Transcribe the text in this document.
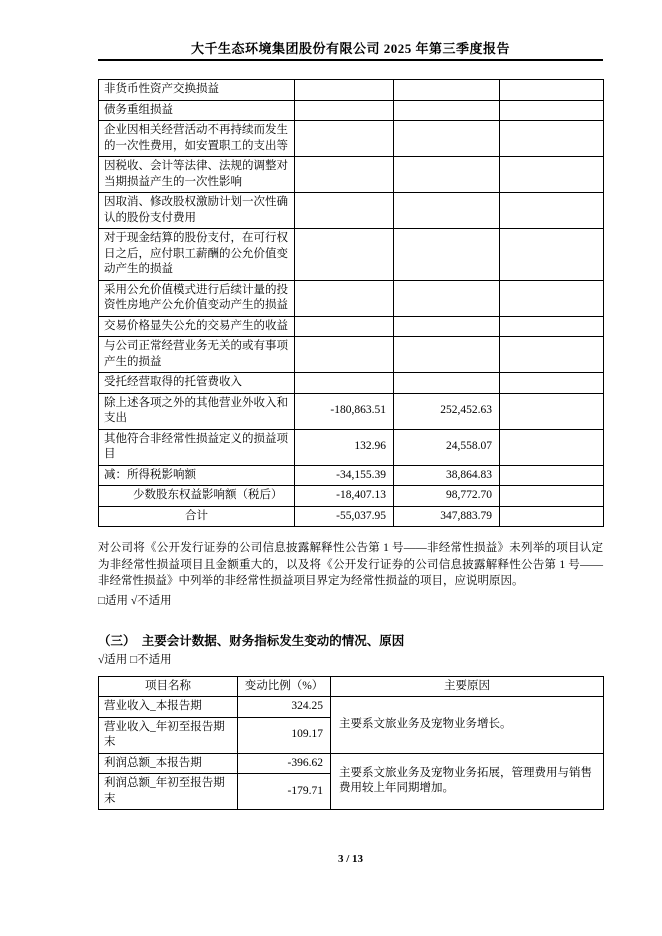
大千生态环境集团股份有限公司 2025 年第三季度报告
非货币性资产交换损益			
债务重组损益			
企业因相关经营活动不再持续而发生的一次性费用，如安置职工的支出等			
因税收、会计等法律、法规的调整对当期损益产生的一次性影响			
因取消、修改股权激励计划一次性确认的股份支付费用			
对于现金结算的股份支付，在可行权日之后，应付职工薪酬的公允价值变动产生的损益			
采用公允价值模式进行后续计量的投资性房地产公允价值变动产生的损益			
交易价格显失公允的交易产生的收益			
与公司正常经营业务无关的或有事项产生的损益			
受托经营取得的托管费收入			
除上述各项之外的其他营业外收入和支出	-180,863.51	252,452.63	
其他符合非经常性损益定义的损益项目	132.96	24,558.07	
减：所得税影响额	-34,155.39	38,864.83	
少数股东权益影响额（税后）	-18,407.13	98,772.70	
合计	-55,037.95	347,883.79	

对公司将《公开发行证券的公司信息披露解释性公告第 1 号——非经常性损益》未列举的项目认定为非经常性损益项目且金额重大的，以及将《公开发行证券的公司信息披露解释性公告第 1 号——非经常性损益》中列举的非经常性损益项目界定为经常性损益的项目，应说明原因。

□适用 √不适用

（三）　主要会计数据、财务指标发生变动的情况、原因

√适用 □不适用

项目名称	变动比例（%）	主要原因
营业收入_本报告期	324.25	主要系文旅业务及宠物业务增长。
营业收入_年初至报告期末	109.17	
利润总额_本报告期	-396.62	主要系文旅业务及宠物业务拓展，管理费用与销售费用较上年同期增加。
利润总额_年初至报告期末	-179.71	
3 / 13
